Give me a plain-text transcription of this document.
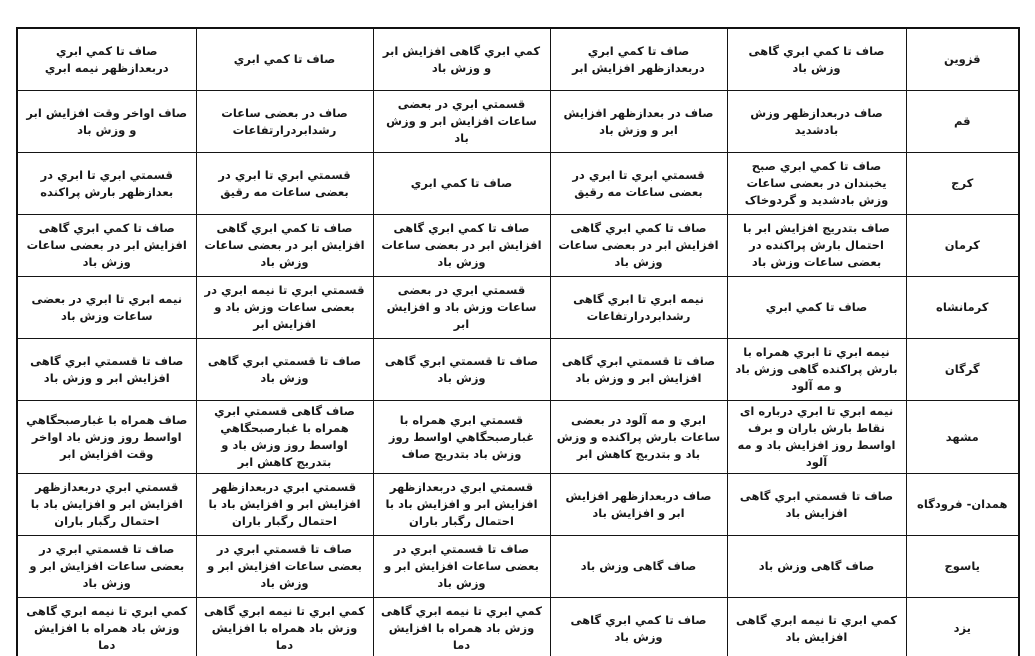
صاف تا كمي ابري دربعدازظهر نيمه ابري	صاف تا كمي ابري	كمي ابري گاهی افزايش ابر و وزش باد	صاف تا كمي ابري دربعدازظهر افزايش ابر	صاف تا كمي ابري گاهی وزش باد	قزوین
صاف اواخر وقت افزایش ابر و وزش باد	صاف در بعضی ساعات رشدابردرارتفاعات	قسمتي ابري در بعضی ساعات افزایش ابر و وزش باد	صاف در بعدازظهر افزایش ابر و وزش باد	صاف دربعدازظهر وزش بادشدید	قم
قسمتي ابري تا ابري در بعدازظهر بارش پراکنده	قسمتي ابري تا ابري در بعضی ساعات مه رقیق	صاف تا كمي ابري	قسمتي ابري تا ابري در بعضی ساعات مه رقیق	صاف تا كمي ابري صبح یخبندان در بعضی ساعات وزش بادشدید و گردوخاک	کرج
صاف تا كمي ابري گاهی افزایش ابر در بعضی ساعات وزش باد	صاف تا كمي ابري گاهی افزایش ابر در بعضی ساعات وزش باد	صاف تا كمي ابري گاهی افزایش ابر در بعضی ساعات وزش باد	صاف تا كمي ابري گاهی افزایش ابر در بعضی ساعات وزش باد	صاف بتدریج افزایش ابر با احتمال بارش پراکنده در بعضی ساعات وزش باد	کرمان
نيمه ابري تا ابري در بعضی ساعات وزش باد	قسمتي ابري تا نيمه ابري در بعضی ساعات وزش باد و افزایش ابر	قسمتي ابري در بعضی ساعات وزش باد و افزایش ابر	نيمه ابري تا ابري گاهی رشدابردرارتفاعات	صاف تا كمي ابري	کرمانشاه
صاف تا قسمتي ابري گاهی افزایش ابر و وزش باد	صاف تا قسمتي ابري گاهی وزش باد	صاف تا قسمتي ابري گاهی وزش باد	صاف تا قسمتي ابري گاهی افزایش ابر و وزش باد	نيمه ابري تا ابري همراه با بارش پراکنده گاهی وزش باد و مه آلود	گرگان
صاف همراه با غبارصبحگاهي اواسط روز وزش باد اواخر وقت افزایش ابر	صاف گاهی قسمتي ابري همراه با غبارصبحگاهي اواسط روز وزش باد و بتدریج کاهش ابر	قسمتي ابري همراه با غبارصبحگاهي اواسط روز وزش باد بتدریج صاف	ابري و مه آلود در بعضی ساعات بارش پراکنده و وزش باد و بتدریج کاهش ابر	نيمه ابري تا ابري درباره ای نقاط بارش باران و برف اواسط روز افزایش باد و مه آلود	مشهد
قسمتي ابري دربعدازظهر افزایش ابر و افزایش باد با احتمال رگبار باران	قسمتي ابري دربعدازظهر افزایش ابر و افزایش باد با احتمال رگبار باران	قسمتي ابري دربعدازظهر افزایش ابر و افزایش باد با احتمال رگبار باران	صاف دربعدازظهر افزایش ابر و افزایش باد	صاف تا قسمتي ابري گاهی افزایش باد	همدان- فرودگاه
صاف تا قسمتي ابري در بعضی ساعات افزایش ابر و وزش باد	صاف تا قسمتي ابري در بعضی ساعات افزایش ابر و وزش باد	صاف تا قسمتي ابري در بعضی ساعات افزایش ابر و وزش باد	صاف گاهی وزش باد	صاف گاهی وزش باد	یاسوج
كمي ابري تا نيمه ابري گاهی وزش باد همراه با افزایش دما	كمي ابري تا نيمه ابري گاهی وزش باد همراه با افزایش دما	كمي ابري تا نيمه ابري گاهی وزش باد همراه با افزایش دما	صاف تا كمي ابري گاهی وزش باد	كمي ابري تا نيمه ابري گاهی افزایش باد	یزد
